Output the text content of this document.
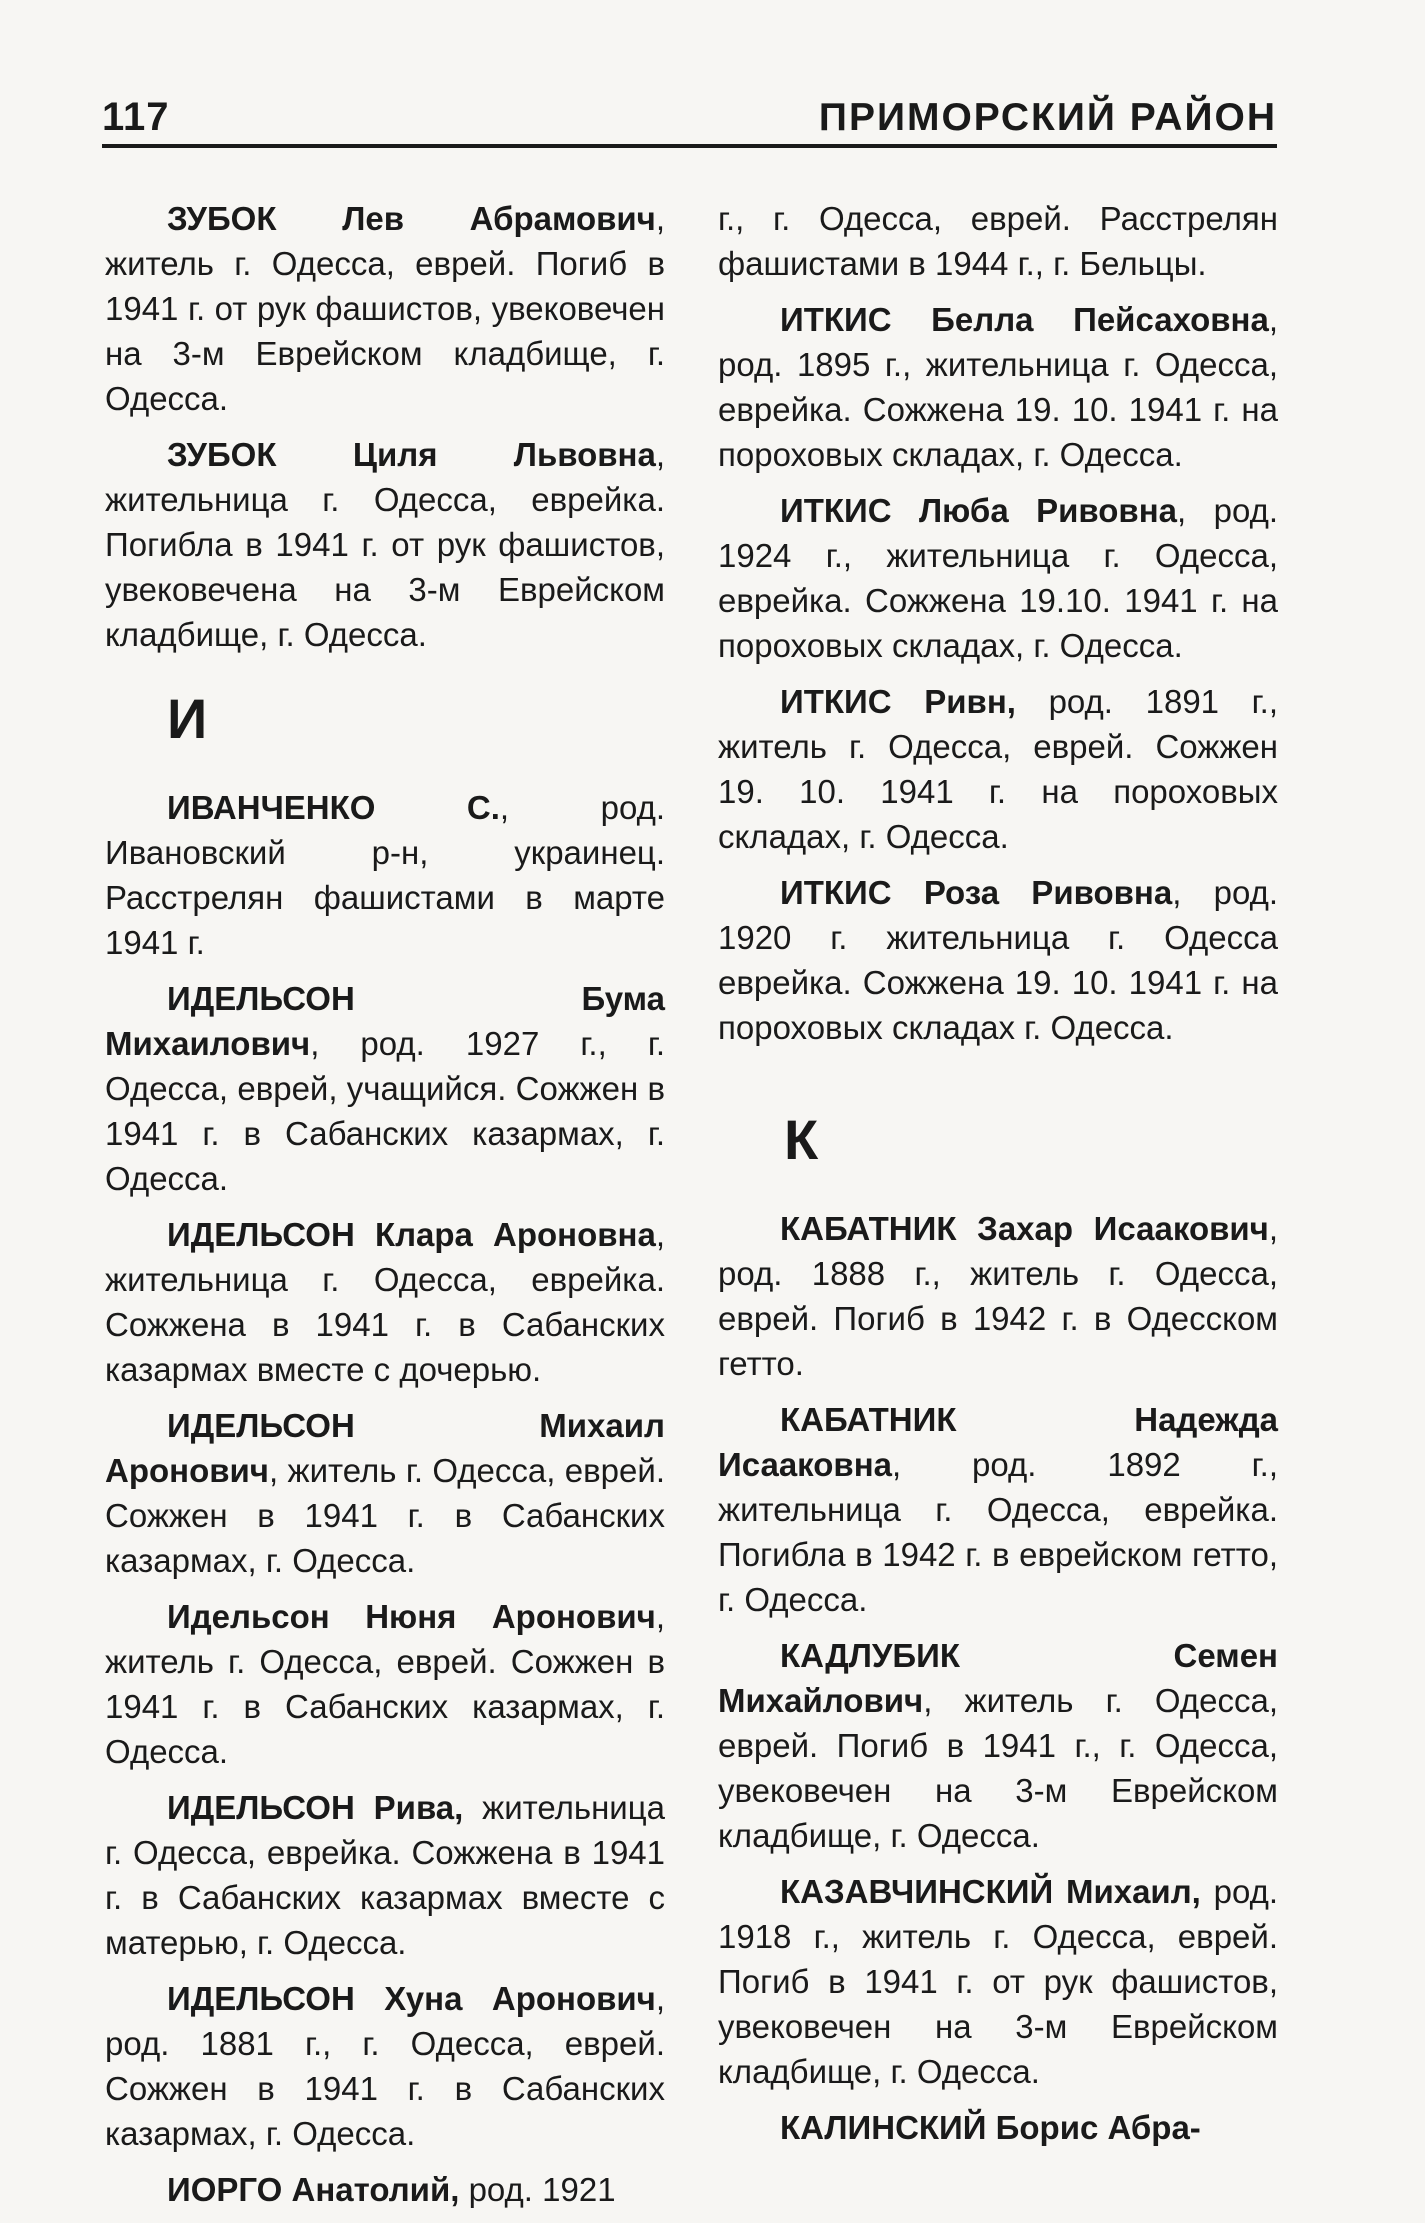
117	ПРИМОРСКИЙ РАЙОН

ЗУБОК Лев Абрамович, житель г. Одесса, еврей. Погиб в 1941 г. от рук фашистов, увековечен на 3-м Еврейском кладбище, г. Одесса.

ЗУБОК Циля Львовна, жительница г. Одесса, еврейка. Погибла в 1941 г. от рук фашистов, увековечена на 3-м Еврейском кладбище, г. Одесса.

И

ИВАНЧЕНКО	С., род. Ивановский р-н, украинец. Расстрелян фашистами в марте 1941 г.

ИДЕЛЬСОН	Бума Михаилович, род. 1927 г., г. Одесса, еврей, учащийся. Сожжен в 1941 г. в Сабанских казармах, г. Одесса.

ИДЕЛЬСОН Клара Ароновна, жительница г. Одесса, еврейка. Сожжена в 1941 г. в Сабанских казармах вместе с дочерью.

ИДЕЛЬСОН	Михаил Аронович, житель г. Одесса, еврей. Сожжен в 1941 г. в Сабанских казармах, г. Одесса.

Идельсон Нюня Аронович, житель г. Одесса, еврей. Сожжен в 1941 г. в Сабанских казармах, г. Одесса.

ИДЕЛЬСОН Рива, жительница г. Одесса, еврейка. Сожжена в 1941 г. в Сабанских казармах вместе с матерью, г. Одесса.

ИДЕЛЬСОН Хуна Аронович, род. 1881 г., г. Одесса, еврей. Сожжен в 1941 г. в Сабанских казармах, г. Одесса.

ИОРГО Анатолий, род. 1921

г., г. Одесса, еврей. Расстрелян фашистами в 1944 г., г. Бельцы.

ИТКИС Белла Пейсаховна, род. 1895 г., жительница г. Одесса, еврейка. Сожжена 19. 10. 1941 г. на пороховых складах, г. Одесса.

ИТКИС Люба Ривовна, род. 1924 г., жительница г. Одесса, еврейка. Сожжена 19.10. 1941 г. на пороховых складах, г. Одесса.

ИТКИС Ривн, род. 1891 г., житель г. Одесса, еврей. Сожжен 19. 10. 1941 г. на пороховых складах, г. Одесса.

ИТКИС Роза Ривовна, род. 1920 г. жительница г. Одесса еврейка. Сожжена 19. 10. 1941 г. на пороховых складах г. Одесса.

К

КАБАТНИК Захар Исаакович, род. 1888 г., житель г. Одесса, еврей. Погиб в 1942 г. в Одесском гетто.

КАБАТНИК	Надежда Исааковна, род. 1892 г., жительница г. Одесса, еврейка. Погибла в 1942 г. в еврейском гетто, г. Одесса.

КАДЛУБИК	Семен Михайлович, житель г. Одесса, еврей. Погиб в 1941 г., г. Одесса, увековечен на 3-м Еврейском кладбище, г. Одесса.

КАЗАВЧИНСКИЙ Михаил, род. 1918 г., житель г. Одесса, еврей. Погиб в 1941 г. от рук фашистов, увековечен на 3-м Еврейском кладбище, г. Одесса.

КАЛИНСКИЙ Борис Абра-
